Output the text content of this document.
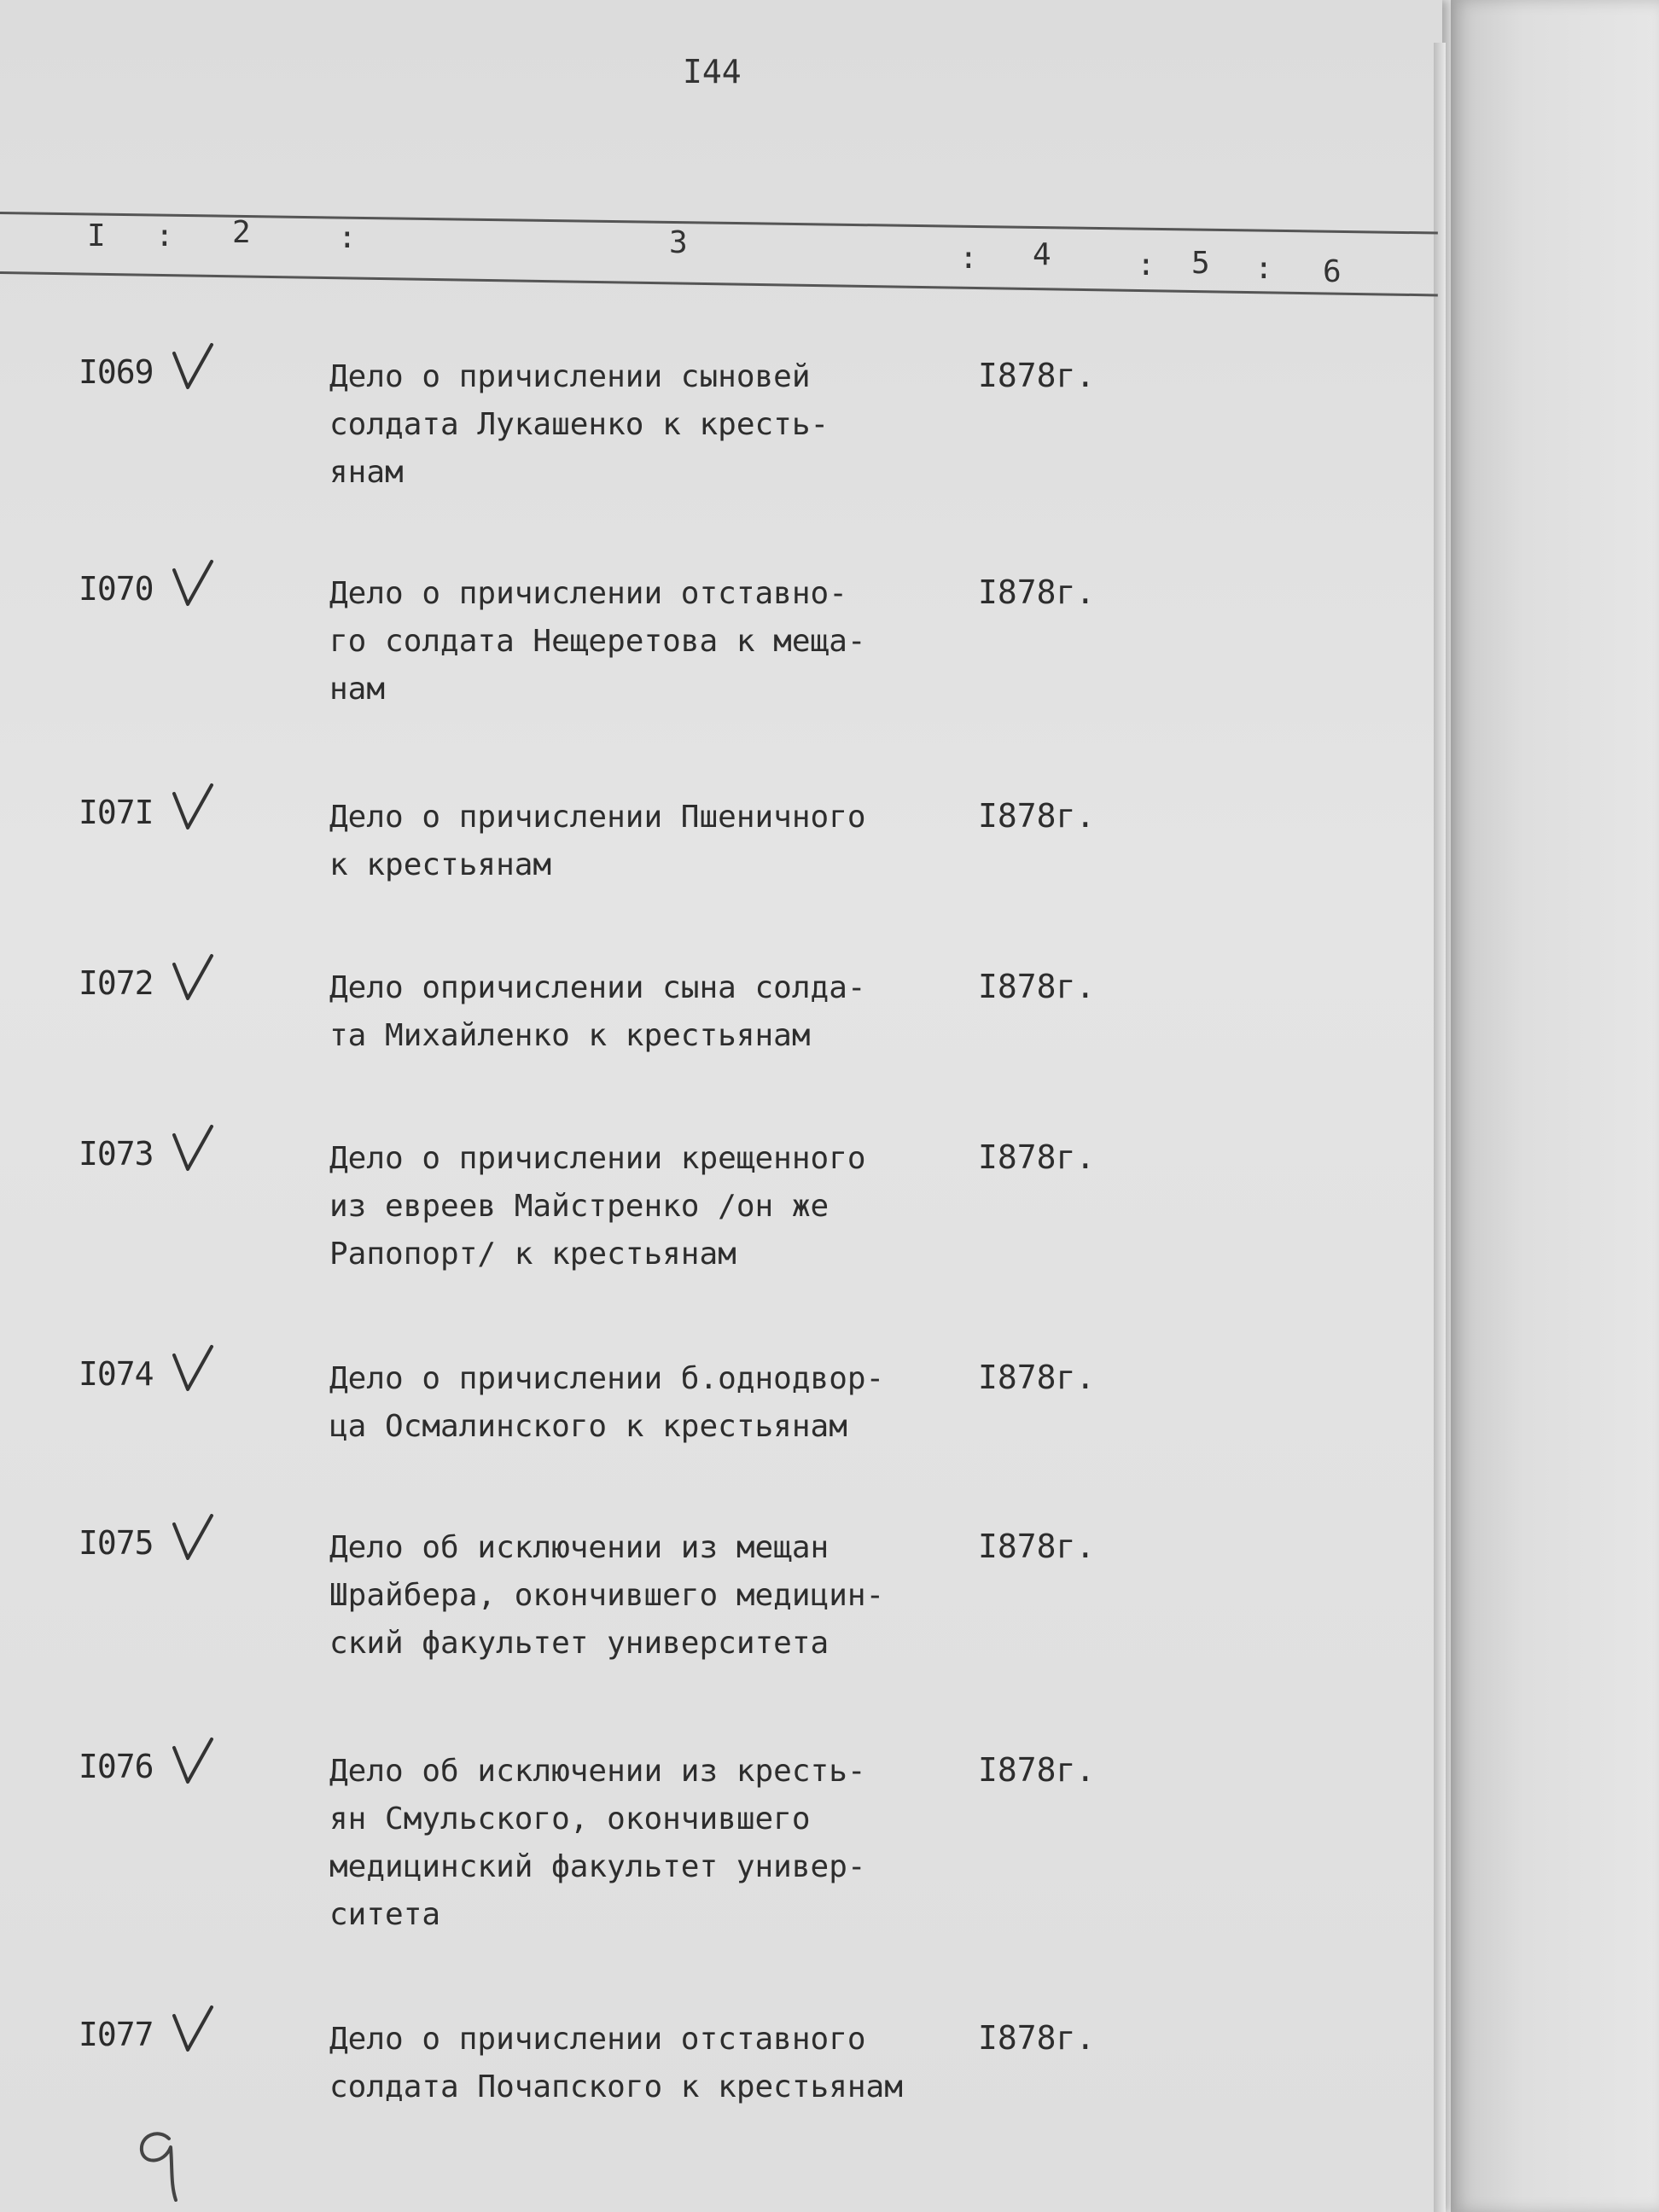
I44
I : 2	:	3	: 4	: 5 : 6
I069	Дело о причислении сыновей
солдата Лукашенко к кресть-
янам
I878г.
I070	Дело о причислении отставно-
го солдата Нещеретова к меща-
нам
I878г.
I07I	Дело о причислении Пшеничного
к крестьянам
I878г.
I072	Дело опричислении сына солда-
та Михайленко к крестьянам
I878г.
I073	Дело о причислении крещенного
из евреев Майстренко /он же
Рапопорт/ к крестьянам
I878г.
I074	Дело о причислении б.однодвор-
ца Осмалинского к крестьянам
I878г.
I075	Дело об исключении из мещан
Шрайбера, окончившего медицин-
ский факультет университета
I878г.
I076	Дело об исключении из кресть-
ян Смульского, окончившего
медицинский факультет универ-
ситета
I878г.
I077	Дело о причислении отставного
солдата Почапского к крестьянам
I878г.
